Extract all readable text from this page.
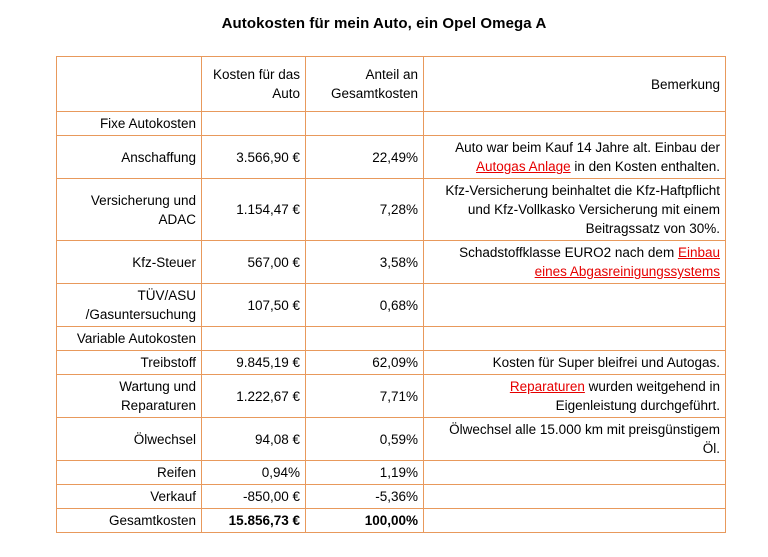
Autokosten für mein Auto, ein Opel Omega A
	Kosten für das Auto	Anteil an Gesamtkosten	Bemerkung
Fixe Autokosten			
Anschaffung	3.566,90 €	22,49%	Auto war beim Kauf 14 Jahre alt. Einbau der Autogas Anlage in den Kosten enthalten.
Versicherung und ADAC	1.154,47 €	7,28%	Kfz-Versicherung beinhaltet die Kfz-Haftpflicht und Kfz-Vollkasko Versicherung mit einem Beitragssatz von 30%.
Kfz-Steuer	567,00 €	3,58%	Schadstoffklasse EURO2 nach dem Einbau eines Abgasreinigungssystems
TÜV/ASU /Gasuntersuchung	107,50 €	0,68%	
Variable Autokosten			
Treibstoff	9.845,19 €	62,09%	Kosten für Super bleifrei und Autogas.
Wartung und Reparaturen	1.222,67 €	7,71%	Reparaturen wurden weitgehend in Eigenleistung durchgeführt.
Ölwechsel	94,08 €	0,59%	Ölwechsel alle 15.000 km mit preisgünstigem Öl.
Reifen	0,94%	1,19%	
Verkauf	-850,00 €	-5,36%	
Gesamtkosten	15.856,73 €	100,00%	
